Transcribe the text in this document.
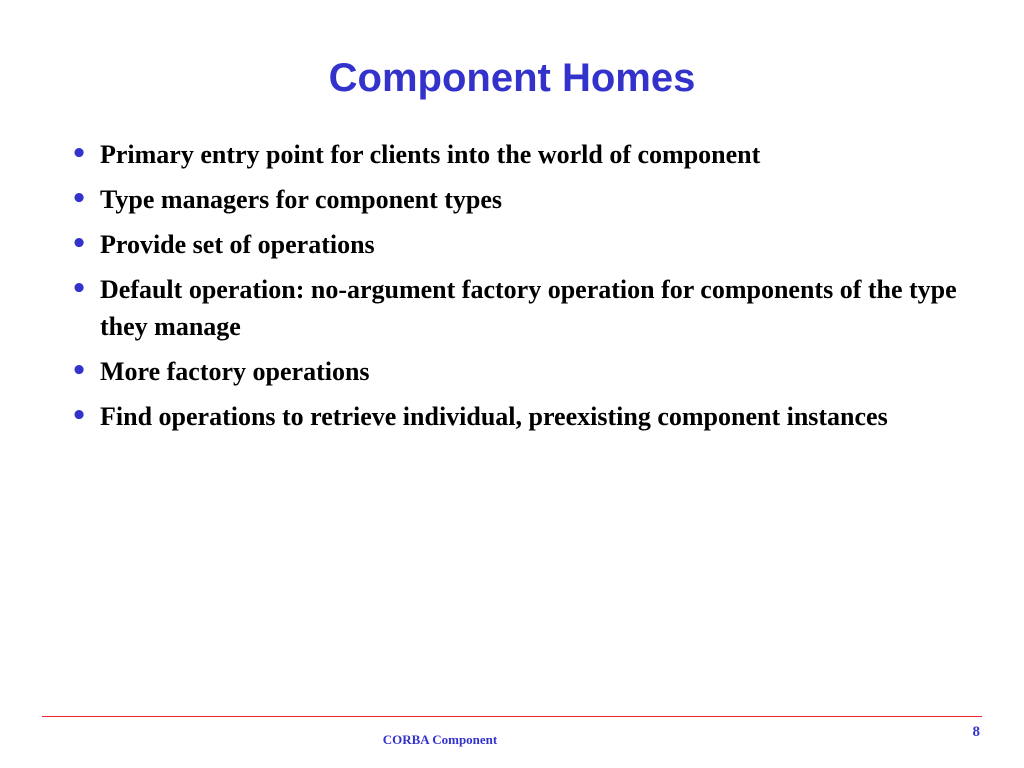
Component Homes
• Primary entry point for clients into the world of component
• Type managers for component types
• Provide set of operations
• Default operation: no-argument factory operation for components of the type they manage
• More factory operations
• Find operations to retrieve individual, preexisting component instances
CORBA Component	8
